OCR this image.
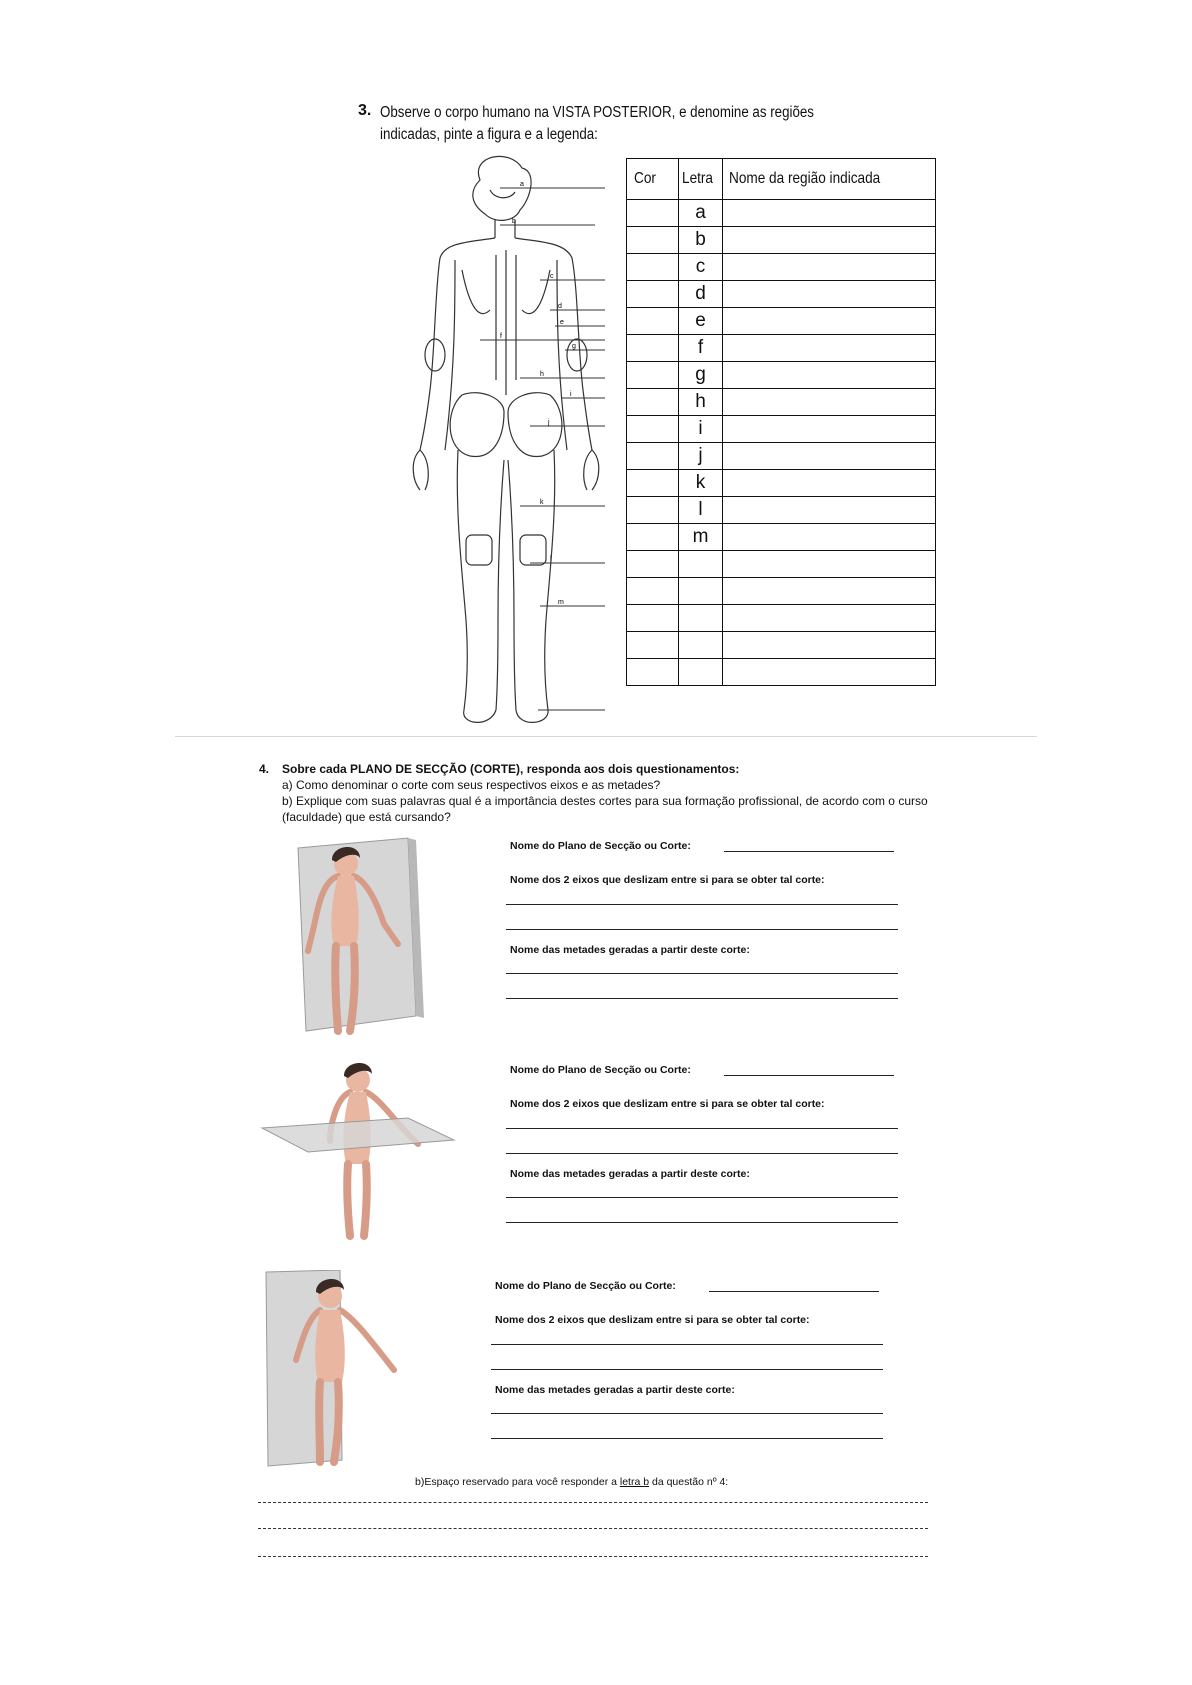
3. Observe o corpo humano na VISTA POSTERIOR, e denomine as regiões indicadas, pinte a figura e a legenda:
a
b
c
d
e
f
g
h
i
j
k
l
m
Cor	Letra	Nome da região indicada
	a	
	b	
	c	
	d	
	e	
	f	
	g	
	h	
	i	
	j	
	k	
	l	
	m	

4. Sobre cada PLANO DE SECÇÃO (CORTE), responda aos dois questionamentos:
a) Como denominar o corte com seus respectivos eixos e as metades?
b) Explique com suas palavras qual é a importância destes cortes para sua formação profissional, de acordo com o curso (faculdade) que está cursando?
Nome do Plano de Secção ou Corte:
Nome dos 2 eixos que deslizam entre si para se obter tal corte:
Nome das metades geradas a partir deste corte:
Nome do Plano de Secção ou Corte:
Nome dos 2 eixos que deslizam entre si para se obter tal corte:
Nome das metades geradas a partir deste corte:
Nome do Plano de Secção ou Corte:
Nome dos 2 eixos que deslizam entre si para se obter tal corte:
Nome das metades geradas a partir deste corte:
b)Espaço reservado para você responder a letra b da questão nº 4:
